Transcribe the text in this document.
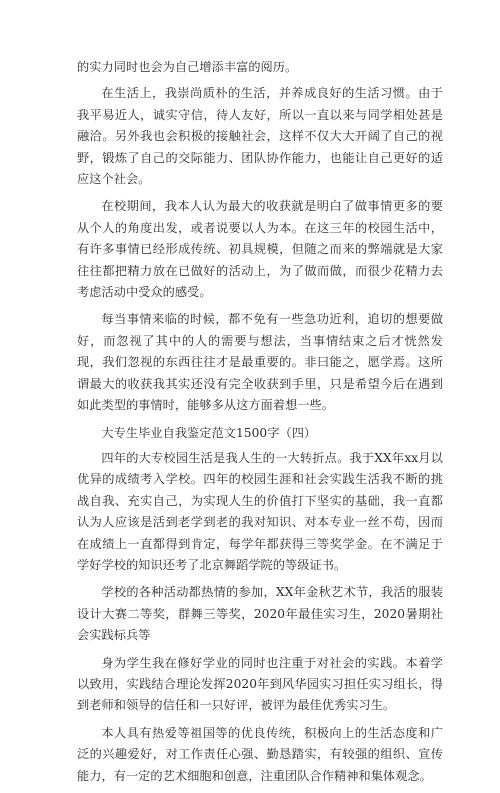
的实力同时也会为自己增添丰富的阅历。

在生活上，我崇尚质朴的生活，并养成良好的生活习惯。由于我平易近人，诚实守信，待人友好，所以一直以来与同学相处甚是融洽。另外我也会积极的接触社会，这样不仅大大开阔了自己的视野，锻炼了自己的交际能力、团队协作能力，也能让自己更好的适应这个社会。

在校期间，我本人认为最大的收获就是明白了做事情更多的要从个人的角度出发，或者说要以人为本。在这三年的校园生活中，有许多事情已经形成传统、初具规模，但随之而来的弊端就是大家往往都把精力放在已做好的活动上，为了做而做，而很少花精力去考虑活动中受众的感受。

每当事情来临的时候，都不免有一些急功近利，追切的想要做好，而忽视了其中的人的需要与想法，当事情结束之后才恍然发现，我们忽视的东西往往才是最重要的。非曰能之，愿学焉。这所谓最大的收获我其实还没有完全收获到手里，只是希望今后在遇到如此类型的事情时，能够多从这方面着想一些。

大专生毕业自我鉴定范文1500字（四）

四年的大专校园生活是我人生的一大转折点。我于XX年xx月以优异的成绩考入学校。四年的校园生涯和社会实践生活我不断的挑战自我、充实自己，为实现人生的价值打下坚实的基础，我一直都认为人应该是活到老学到老的我对知识、对本专业一丝不苟，因而在成绩上一直都得到肯定，每学年都获得三等奖学金。在不满足于学好学校的知识还考了北京舞蹈学院的等级证书。

学校的各种活动都热情的参加，XX年金秋艺术节，我活的服装设计大赛二等奖，群舞三等奖，2020年最佳实习生，2020暑期社会实践标兵等

身为学生我在修好学业的同时也注重于对社会的实践。本着学以致用，实践结合理论发挥2020年到风华园实习担任实习组长，得到老师和领导的信任和一只好评，被评为最佳优秀实习生。

本人具有热爱等祖国等的优良传统，积极向上的生活态度和广泛的兴趣爱好，对工作责任心强、勤恳踏实，有较强的组织、宣传能力，有一定的艺术细胞和创意，注重团队合作精神和集体观念。
